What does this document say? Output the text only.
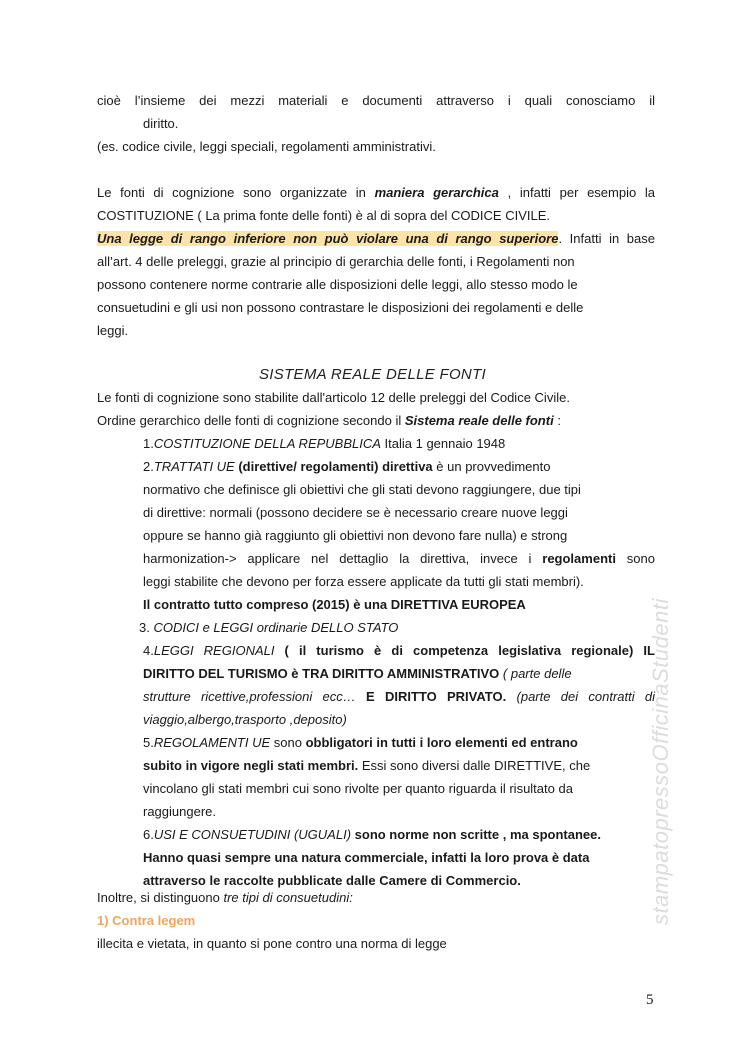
cioè l’insieme dei mezzi materiali e documenti attraverso i quali conosciamo il
diritto.
(es. codice civile, leggi speciali, regolamenti amministrativi.
Le fonti di cognizione sono organizzate in maniera gerarchica , infatti per esempio la
COSTITUZIONE ( La prima fonte delle fonti) è al di sopra del CODICE CIVILE.
Una legge di rango inferiore non può violare una di rango superiore. Infatti in base
all’art. 4 delle preleggi, grazie al principio di gerarchia delle fonti, i Regolamenti non
possono contenere norme contrarie alle disposizioni delle leggi, allo stesso modo le
consuetudini e gli usi non possono contrastare le disposizioni dei regolamenti e delle
leggi.
SISTEMA REALE DELLE FONTI
Le fonti di cognizione sono stabilite dall'articolo 12 delle preleggi del Codice Civile.
Ordine gerarchico delle fonti di cognizione secondo il Sistema reale delle fonti :
1.COSTITUZIONE DELLA REPUBBLICA Italia 1 gennaio 1948
2.TRATTATI UE (direttive/ regolamenti) direttiva è un provvedimento
normativo che definisce gli obiettivi che gli stati devono raggiungere, due tipi
di direttive: normali (possono decidere se è necessario creare nuove leggi
oppure se hanno già raggiunto gli obiettivi non devono fare nulla) e strong
harmonization-> applicare nel dettaglio la direttiva, invece i regolamenti sono
leggi stabilite che devono per forza essere applicate da tutti gli stati membri).
Il contratto tutto compreso (2015) è una DIRETTIVA EUROPEA
3. CODICI e LEGGI ordinarie DELLO STATO
4.LEGGI REGIONALI ( il turismo è di competenza legislativa regionale) IL
DIRITTO DEL TURISMO è TRA DIRITTO AMMINISTRATIVO ( parte delle
strutture ricettive,professioni ecc… E DIRITTO PRIVATO. (parte dei contratti di
viaggio,albergo,trasporto ,deposito)
5.REGOLAMENTI UE sono obbligatori in tutti i loro elementi ed entrano
subito in vigore negli stati membri. Essi sono diversi dalle DIRETTIVE, che
vincolano gli stati membri cui sono rivolte per quanto riguarda il risultato da
raggiungere.
6.USI E CONSUETUDINI (UGUALI) sono norme non scritte , ma spontanee.
Hanno quasi sempre una natura commerciale, infatti la loro prova è data
attraverso le raccolte pubblicate dalle Camere di Commercio.
Inoltre, si distinguono tre tipi di consuetudini:
1) Contra legem
illecita e vietata, in quanto si pone contro una norma di legge
stampatopressoOfficinaStudenti
5
